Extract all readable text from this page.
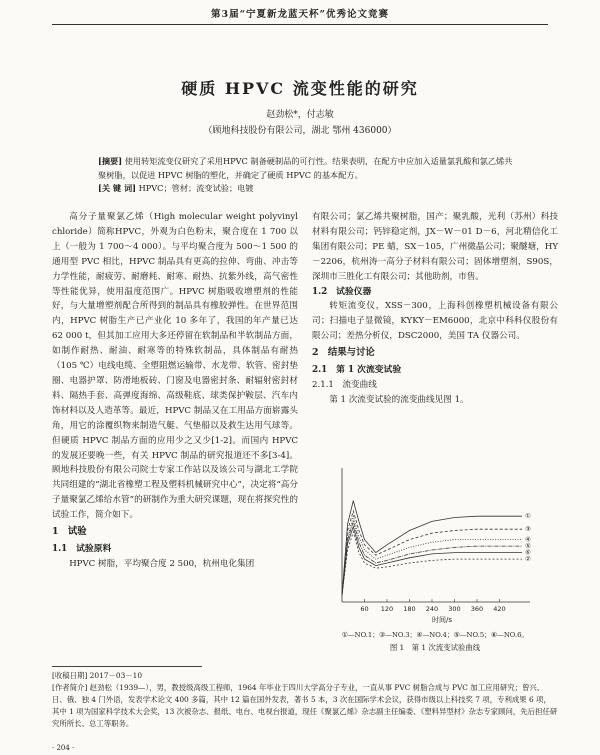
第3届“宁夏新龙蓝天杯”优秀论文竞赛
硬质 HPVC 流变性能的研究
赵劲松*，付志敏
（顾地科技股份有限公司，湖北 鄂州 436000）
[摘要] 使用转矩流变仪研究了采用HPVC 制备硬制品的可行性。结果表明，在配方中应加入适量氯乳酸和氯乙烯共聚树脂，以促进 HPVC 树脂的塑化，并确定了硬质 HPVC 的基本配方。
[关 键 词] HPVC；管材；流变试验；电镀

高分子量聚氯乙烯（High molecular weight polyvinyl chloride）简称HPVC，外观为白色粉末，聚合度在 1 700 以上（一般为 1 700～4 000）。与平均聚合度为 500～1 500 的通用型 PVC 相比，HPVC 制品具有更高的拉伸、弯曲、冲击等力学性能，耐疲劳、耐磨耗、耐寒、耐热、抗紫外线，高气密性等性能优异，使用温度范围广。HPVC 树脂吸收增塑剂的性能好，与大量增塑剂配合所得到的制品具有橡胶弹性。在世界范围内，HPVC 树脂生产已产业化 10 多年了，我国的年产量已达 62 000 t，但其加工应用大多还停留在软制品和半软制品方面，如制作耐热、耐油、耐寒等的特殊软制品，具体制品有耐热（105 ℃）电线电缆、全塑阻燃运输带、水龙带、软管、密封垫圈、电器护罩、防滑地板砖、门窗及电器密封条、耐辐射密封材料、隔热手套、高弹度海绵、高级鞋底、球类保护鞍层、汽车内饰材料以及人造革等。最近，HPVC 制品又在工用品方面崭露头角，用它的涂覆织物来制造气艇、气垫船以及救生达用气球等。但硬质 HPVC 制品方面的应用少之又少[1-2]。而国内 HPVC 的发展还要晚一些，有关 HPVC 制品的研究报道还不多[3-4]。顾地科技股份有限公司院士专家工作站以及该公司与湖北工学院共同组建的“湖北省橡塑工程及塑料机械研究中心”，决定将“高分子量聚氯乙烯给水管”的研制作为重大研究课题，现在将探究性的试验工作，简介如下。

1　试验

1.1　试验原料

HPVC 树脂，平均聚合度 2 500，杭州电化集团

有限公司；氯乙烯共聚树脂，国产；聚乳酸，光利（苏州）科技材料有限公司；钙锌稳定剂，JX－W－01 D－6，河北精信化工集团有限公司；PE 蜡，SX－105，广州微晶公司；聚醚塘，HY－2206，杭州涛一高分子材料有限公司；固体增塑剂，S90S，深圳市三胜化工有限公司；其他助剂，市售。

1.2　试验仪器

转矩流变仪，XSS－300，上海科创橡塑机械设备有限公司；扫描电子显微镜，KYKY－EM6000，北京中科科仪股份有限公司；差热分析仪，DSC2000，美国 TA 仪器公司。

2　结果与讨论

2.1　第 1 次流变试验

2.1.1　流变曲线

第 1 次流变试验的流变曲线见图 1。

60 120 180 240 300 360 420
时间/s
①
③
④
⑤
⑥
②
①—NO.1；③—NO.3；④—NO.4；⑤—NO.5；⑥—NO.6。
图 1　第 1 次流变试验曲线
[收稿日期] 2017－03－10
[作者简介] 赵劲松（1939—），男，教授级高级工程师，1964 年毕业于四川大学高分子专业，一直从事 PVC 树脂合成与 PVC 加工应用研究；曾兴、日、俄、独 4 门外语，发表学术论文 400 多篇，其中 12 篇在国外发表，著书 5 本，3 次在国际学术会议，获得市级以上科技奖 7 项，专利成果 6 项，其中 1 项为国家科学技术大会奖，13 次被杂志、报纸、电台、电视台报道，现任《聚氯乙烯》杂志副主任编委、《塑料异型材》杂志专家顾问，先后担任研究所所长、总工等职务。
· 204 ·
